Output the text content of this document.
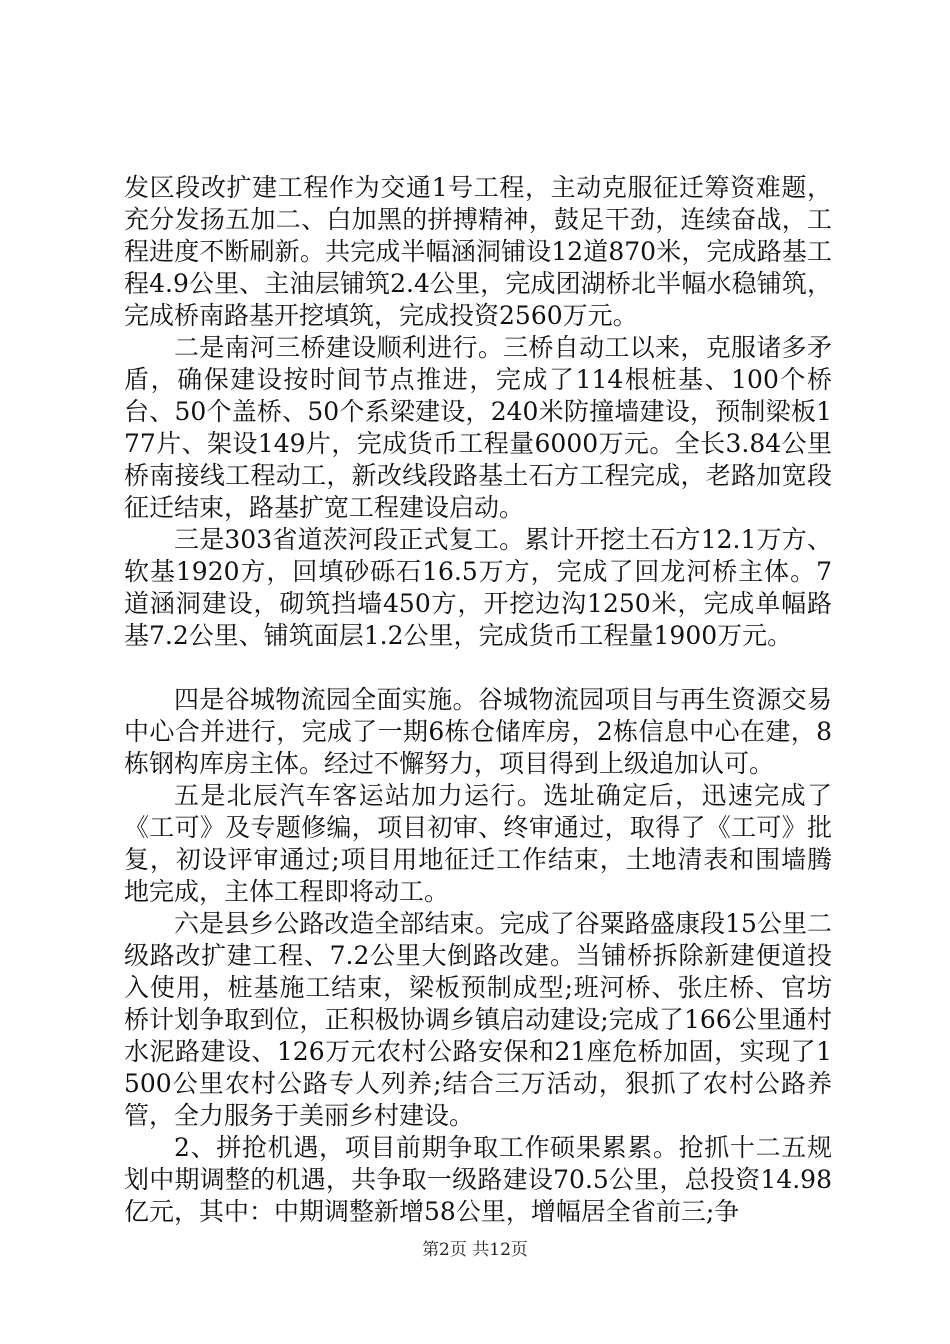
发区段改扩建工程作为交通1号工程，主动克服征迁筹资难题，充分发扬五加二、白加黑的拼搏精神，鼓足干劲，连续奋战，工程进度不断刷新。共完成半幅涵洞铺设12道870米，完成路基工程4.9公里、主油层铺筑2.4公里，完成团湖桥北半幅水稳铺筑，完成桥南路基开挖填筑，完成投资2560万元。

二是南河三桥建设顺利进行。三桥自动工以来，克服诸多矛盾，确保建设按时间节点推进，完成了114根桩基、100个桥台、50个盖桥、50个系梁建设，240米防撞墙建设，预制梁板177片、架设149片，完成货币工程量6000万元。全长3.84公里桥南接线工程动工，新改线段路基土石方工程完成，老路加宽段征迁结束，路基扩宽工程建设启动。

三是303省道茨河段正式复工。累计开挖土石方12.1万方、软基1920方，回填砂砾石16.5万方，完成了回龙河桥主体。7道涵洞建设，砌筑挡墙450方，开挖边沟1250米，完成单幅路基7.2公里、铺筑面层1.2公里，完成货币工程量1900万元。

四是谷城物流园全面实施。谷城物流园项目与再生资源交易中心合并进行，完成了一期6栋仓储库房，2栋信息中心在建，8栋钢构库房主体。经过不懈努力，项目得到上级追加认可。

五是北辰汽车客运站加力运行。选址确定后，迅速完成了《工可》及专题修编，项目初审、终审通过，取得了《工可》批复，初设评审通过;项目用地征迁工作结束，土地清表和围墙腾地完成，主体工程即将动工。

六是县乡公路改造全部结束。完成了谷粟路盛康段15公里二级路改扩建工程、7.2公里大倒路改建。当铺桥拆除新建便道投入使用，桩基施工结束，梁板预制成型;班河桥、张庄桥、官坊桥计划争取到位，正积极协调乡镇启动建设;完成了166公里通村水泥路建设、126万元农村公路安保和21座危桥加固，实现了1500公里农村公路专人列养;结合三万活动，狠抓了农村公路养管，全力服务于美丽乡村建设。

2、拼抢机遇，项目前期争取工作硕果累累。抢抓十二五规划中期调整的机遇，共争取一级路建设70.5公里，总投资14.98亿元，其中：中期调整新增58公里，增幅居全省前三;争

第2页 共12页
